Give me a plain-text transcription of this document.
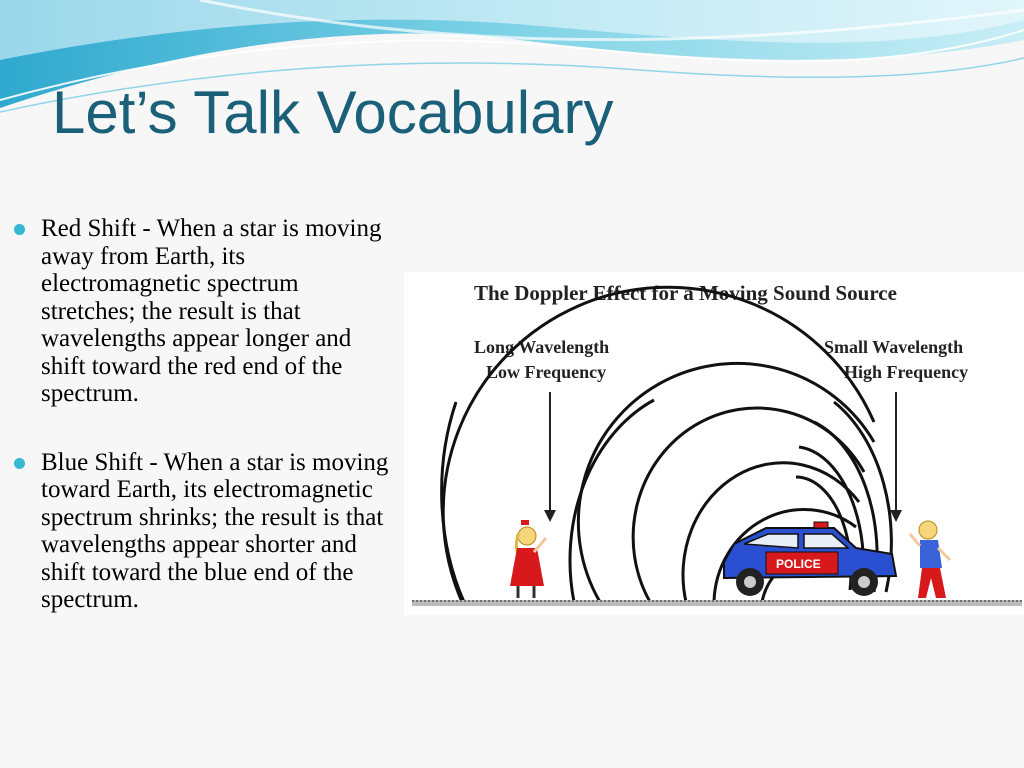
Let’s Talk Vocabulary
Red Shift - When a star is moving away from Earth, its electromagnetic spectrum stretches; the result is that wavelengths appear longer and shift toward the red end of the spectrum.
Blue Shift - When a star is moving toward Earth, its electromagnetic spectrum shrinks; the result is that wavelengths appear shorter and shift toward the blue end of the spectrum.
The Doppler Effect for a Moving Sound Source
Long Wavelength
Low Frequency
Small Wavelength
High Frequency
POLICE
